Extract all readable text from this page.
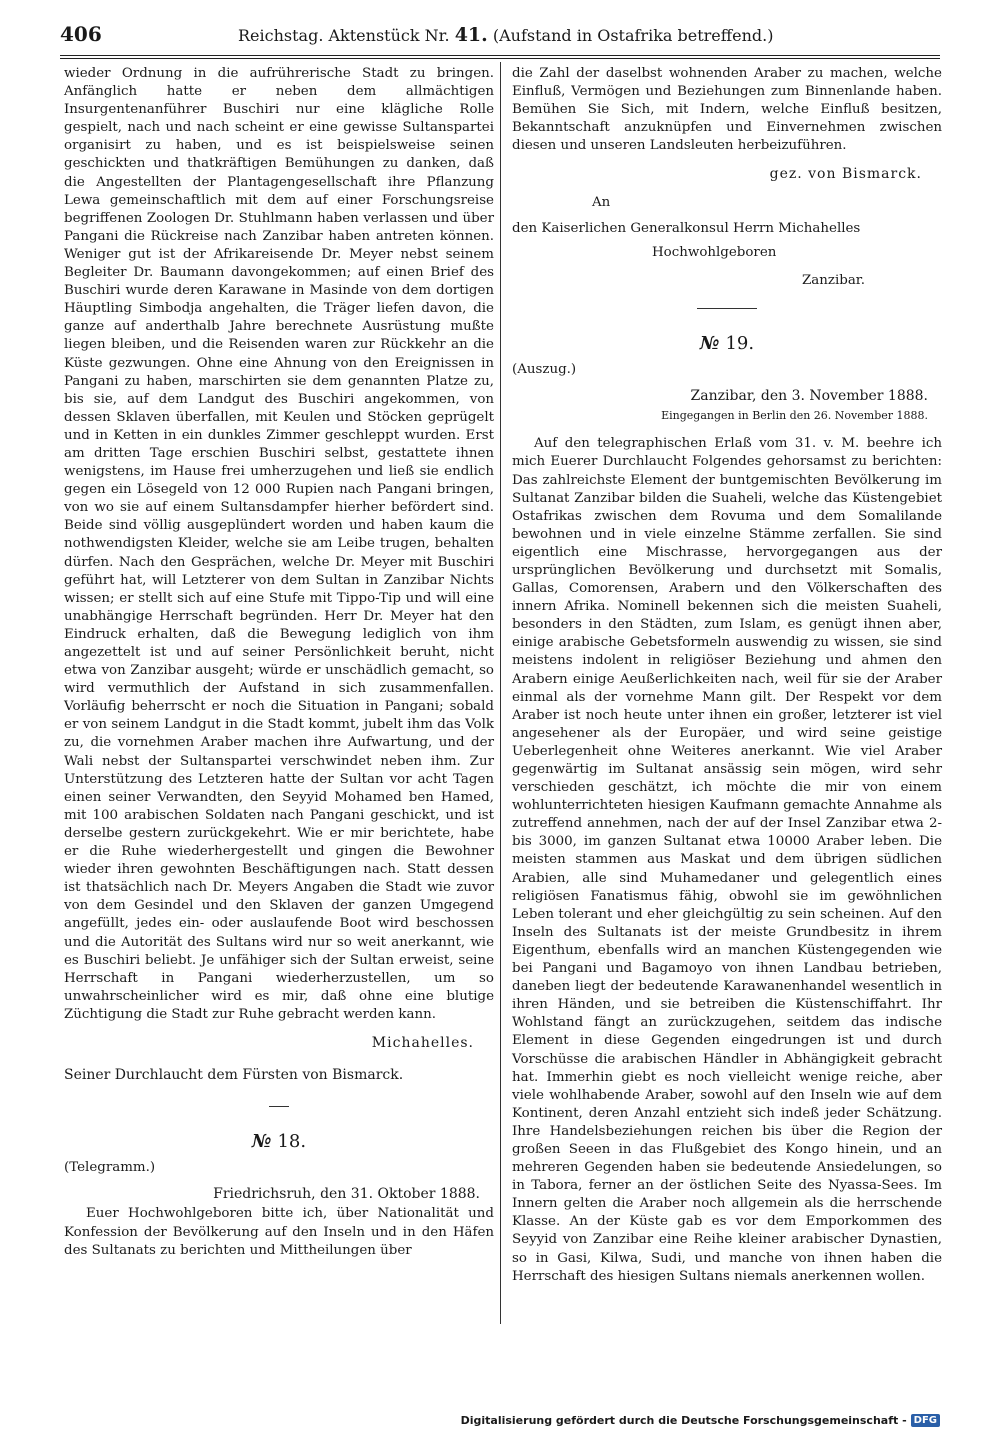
406	Reichstag. Aktenstück Nr. 41. (Aufstand in Ostafrika betreffend.)

wieder Ordnung in die aufrührerische Stadt zu bringen. Anfänglich hatte er neben dem allmächtigen Insurgentenanführer Buschiri nur eine klägliche Rolle gespielt, nach und nach scheint er eine gewisse Sultanspartei organisirt zu haben, und es ist beispielsweise seinen geschickten und thatkräftigen Bemühungen zu danken, daß die Angestellten der Plantagengesellschaft ihre Pflanzung Lewa gemeinschaftlich mit dem auf einer Forschungsreise begriffenen Zoologen Dr. Stuhlmann haben verlassen und über Pangani die Rückreise nach Zanzibar haben antreten können. Weniger gut ist der Afrikareisende Dr. Meyer nebst seinem Begleiter Dr. Baumann davongekommen; auf einen Brief des Buschiri wurde deren Karawane in Masinde von dem dortigen Häuptling Simbodja angehalten, die Träger liefen davon, die ganze auf anderthalb Jahre berechnete Ausrüstung mußte liegen bleiben, und die Reisenden waren zur Rückkehr an die Küste gezwungen. Ohne eine Ahnung von den Ereignissen in Pangani zu haben, marschirten sie dem genannten Platze zu, bis sie, auf dem Landgut des Buschiri angekommen, von dessen Sklaven überfallen, mit Keulen und Stöcken geprügelt und in Ketten in ein dunkles Zimmer geschleppt wurden. Erst am dritten Tage erschien Buschiri selbst, gestattete ihnen wenigstens, im Hause frei umherzugehen und ließ sie endlich gegen ein Lösegeld von 12 000 Rupien nach Pangani bringen, von wo sie auf einem Sultansdampfer hierher befördert sind. Beide sind völlig ausgeplündert worden und haben kaum die nothwendigsten Kleider, welche sie am Leibe trugen, behalten dürfen. Nach den Gesprächen, welche Dr. Meyer mit Buschiri geführt hat, will Letzterer von dem Sultan in Zanzibar Nichts wissen; er stellt sich auf eine Stufe mit Tippo-Tip und will eine unabhängige Herrschaft begründen. Herr Dr. Meyer hat den Eindruck erhalten, daß die Bewegung lediglich von ihm angezettelt ist und auf seiner Persönlichkeit beruht, nicht etwa von Zanzibar ausgeht; würde er unschädlich gemacht, so wird vermuthlich der Aufstand in sich zusammenfallen. Vorläufig beherrscht er noch die Situation in Pangani; sobald er von seinem Landgut in die Stadt kommt, jubelt ihm das Volk zu, die vornehmen Araber machen ihre Aufwartung, und der Wali nebst der Sultanspartei verschwindet neben ihm. Zur Unterstützung des Letzteren hatte der Sultan vor acht Tagen einen seiner Verwandten, den Seyyid Mohamed ben Hamed, mit 100 arabischen Soldaten nach Pangani geschickt, und ist derselbe gestern zurückgekehrt. Wie er mir berichtete, habe er die Ruhe wiederhergestellt und gingen die Bewohner wieder ihren gewohnten Beschäftigungen nach. Statt dessen ist thatsächlich nach Dr. Meyers Angaben die Stadt wie zuvor von dem Gesindel und den Sklaven der ganzen Umgegend angefüllt, jedes ein- oder auslaufende Boot wird beschossen und die Autorität des Sultans wird nur so weit anerkannt, wie es Buschiri beliebt. Je unfähiger sich der Sultan erweist, seine Herrschaft in Pangani wiederherzustellen, um so unwahrscheinlicher wird es mir, daß ohne eine blutige Züchtigung die Stadt zur Ruhe gebracht werden kann.

Michahelles.
Seiner Durchlaucht dem Fürsten von Bismarck.
№ 18.
(Telegramm.)
Friedrichsruh, den 31. Oktober 1888.

Euer Hochwohlgeboren bitte ich, über Nationalität und Konfession der Bevölkerung auf den Inseln und in den Häfen des Sultanats zu berichten und Mittheilungen über

die Zahl der daselbst wohnenden Araber zu machen, welche Einfluß, Vermögen und Beziehungen zum Binnenlande haben. Bemühen Sie Sich, mit Indern, welche Einfluß besitzen, Bekanntschaft anzuknüpfen und Einvernehmen zwischen diesen und unseren Landsleuten herbeizuführen.

gez. von Bismarck.
An
den Kaiserlichen Generalkonsul Herrn Michahelles
Hochwohlgeboren
Zanzibar.
№ 19.
(Auszug.)
Zanzibar, den 3. November 1888.
Eingegangen in Berlin den 26. November 1888.

Auf den telegraphischen Erlaß vom 31. v. M. beehre ich mich Euerer Durchlaucht Folgendes gehorsamst zu berichten: Das zahlreichste Element der buntgemischten Bevölkerung im Sultanat Zanzibar bilden die Suaheli, welche das Küstengebiet Ostafrikas zwischen dem Rovuma und dem Somalilande bewohnen und in viele einzelne Stämme zerfallen. Sie sind eigentlich eine Mischrasse, hervorgegangen aus der ursprünglichen Bevölkerung und durchsetzt mit Somalis, Gallas, Comorensen, Arabern und den Völkerschaften des innern Afrika. Nominell bekennen sich die meisten Suaheli, besonders in den Städten, zum Islam, es genügt ihnen aber, einige arabische Gebetsformeln auswendig zu wissen, sie sind meistens indolent in religiöser Beziehung und ahmen den Arabern einige Aeußerlichkeiten nach, weil für sie der Araber einmal als der vornehme Mann gilt. Der Respekt vor dem Araber ist noch heute unter ihnen ein großer, letzterer ist viel angesehener als der Europäer, und wird seine geistige Ueberlegenheit ohne Weiteres anerkannt. Wie viel Araber gegenwärtig im Sultanat ansässig sein mögen, wird sehr verschieden geschätzt, ich möchte die mir von einem wohlunterrichteten hiesigen Kaufmann gemachte Annahme als zutreffend annehmen, nach der auf der Insel Zanzibar etwa 2- bis 3000, im ganzen Sultanat etwa 10000 Araber leben. Die meisten stammen aus Maskat und dem übrigen südlichen Arabien, alle sind Muhamedaner und gelegentlich eines religiösen Fanatismus fähig, obwohl sie im gewöhnlichen Leben tolerant und eher gleichgültig zu sein scheinen. Auf den Inseln des Sultanats ist der meiste Grundbesitz in ihrem Eigenthum, ebenfalls wird an manchen Küstengegenden wie bei Pangani und Bagamoyo von ihnen Landbau betrieben, daneben liegt der bedeutende Karawanenhandel wesentlich in ihren Händen, und sie betreiben die Küstenschiffahrt. Ihr Wohlstand fängt an zurückzugehen, seitdem das indische Element in diese Gegenden eingedrungen ist und durch Vorschüsse die arabischen Händler in Abhängigkeit gebracht hat. Immerhin giebt es noch vielleicht wenige reiche, aber viele wohlhabende Araber, sowohl auf den Inseln wie auf dem Kontinent, deren Anzahl entzieht sich indeß jeder Schätzung. Ihre Handelsbeziehungen reichen bis über die Region der großen Seeen in das Flußgebiet des Kongo hinein, und an mehreren Gegenden haben sie bedeutende Ansiedelungen, so in Tabora, ferner an der östlichen Seite des Nyassa-Sees. Im Innern gelten die Araber noch allgemein als die herrschende Klasse. An der Küste gab es vor dem Emporkommen des Seyyid von Zanzibar eine Reihe kleiner arabischer Dynastien, so in Gasi, Kilwa, Sudi, und manche von ihnen haben die Herrschaft des hiesigen Sultans niemals anerkennen wollen.

Digitalisierung gefördert durch die Deutsche Forschungsgemeinschaft - DFG
